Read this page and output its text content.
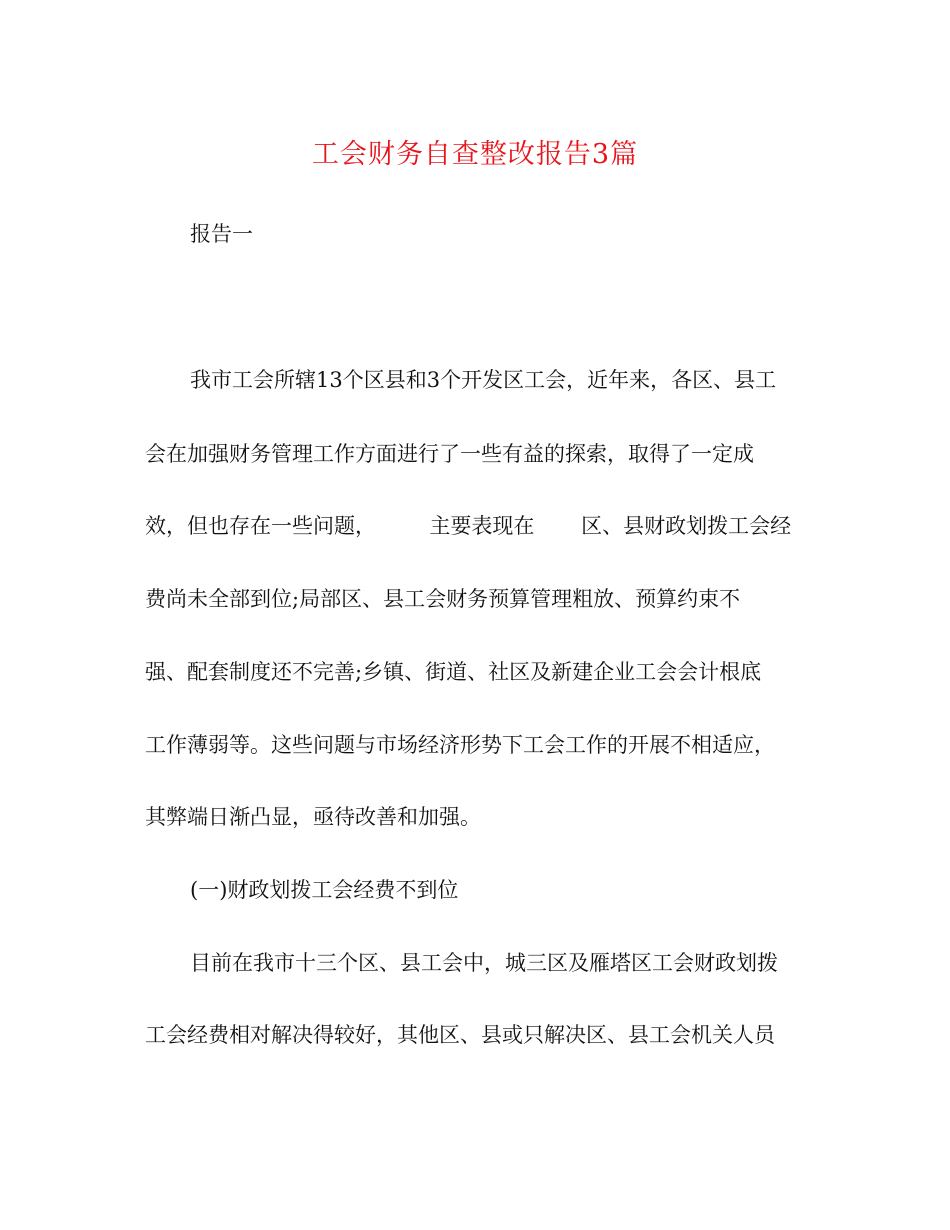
工会财务自查整改报告3篇
报告一
我市工会所辖13个区县和3个开发区工会，近年来，各区、县工
会在加强财务管理工作方面进行了一些有益的探索，取得了一定成
效，但也存在一些问题，        主要表现在       区、县财政划拨工会经
费尚未全部到位;局部区、县工会财务预算管理粗放、预算约束不
强、配套制度还不完善;乡镇、街道、社区及新建企业工会会计根底
工作薄弱等。这些问题与市场经济形势下工会工作的开展不相适应，
其弊端日渐凸显，亟待改善和加强。
(一)财政划拨工会经费不到位
目前在我市十三个区、县工会中，城三区及雁塔区工会财政划拨
工会经费相对解决得较好，其他区、县或只解决区、县工会机关人员
